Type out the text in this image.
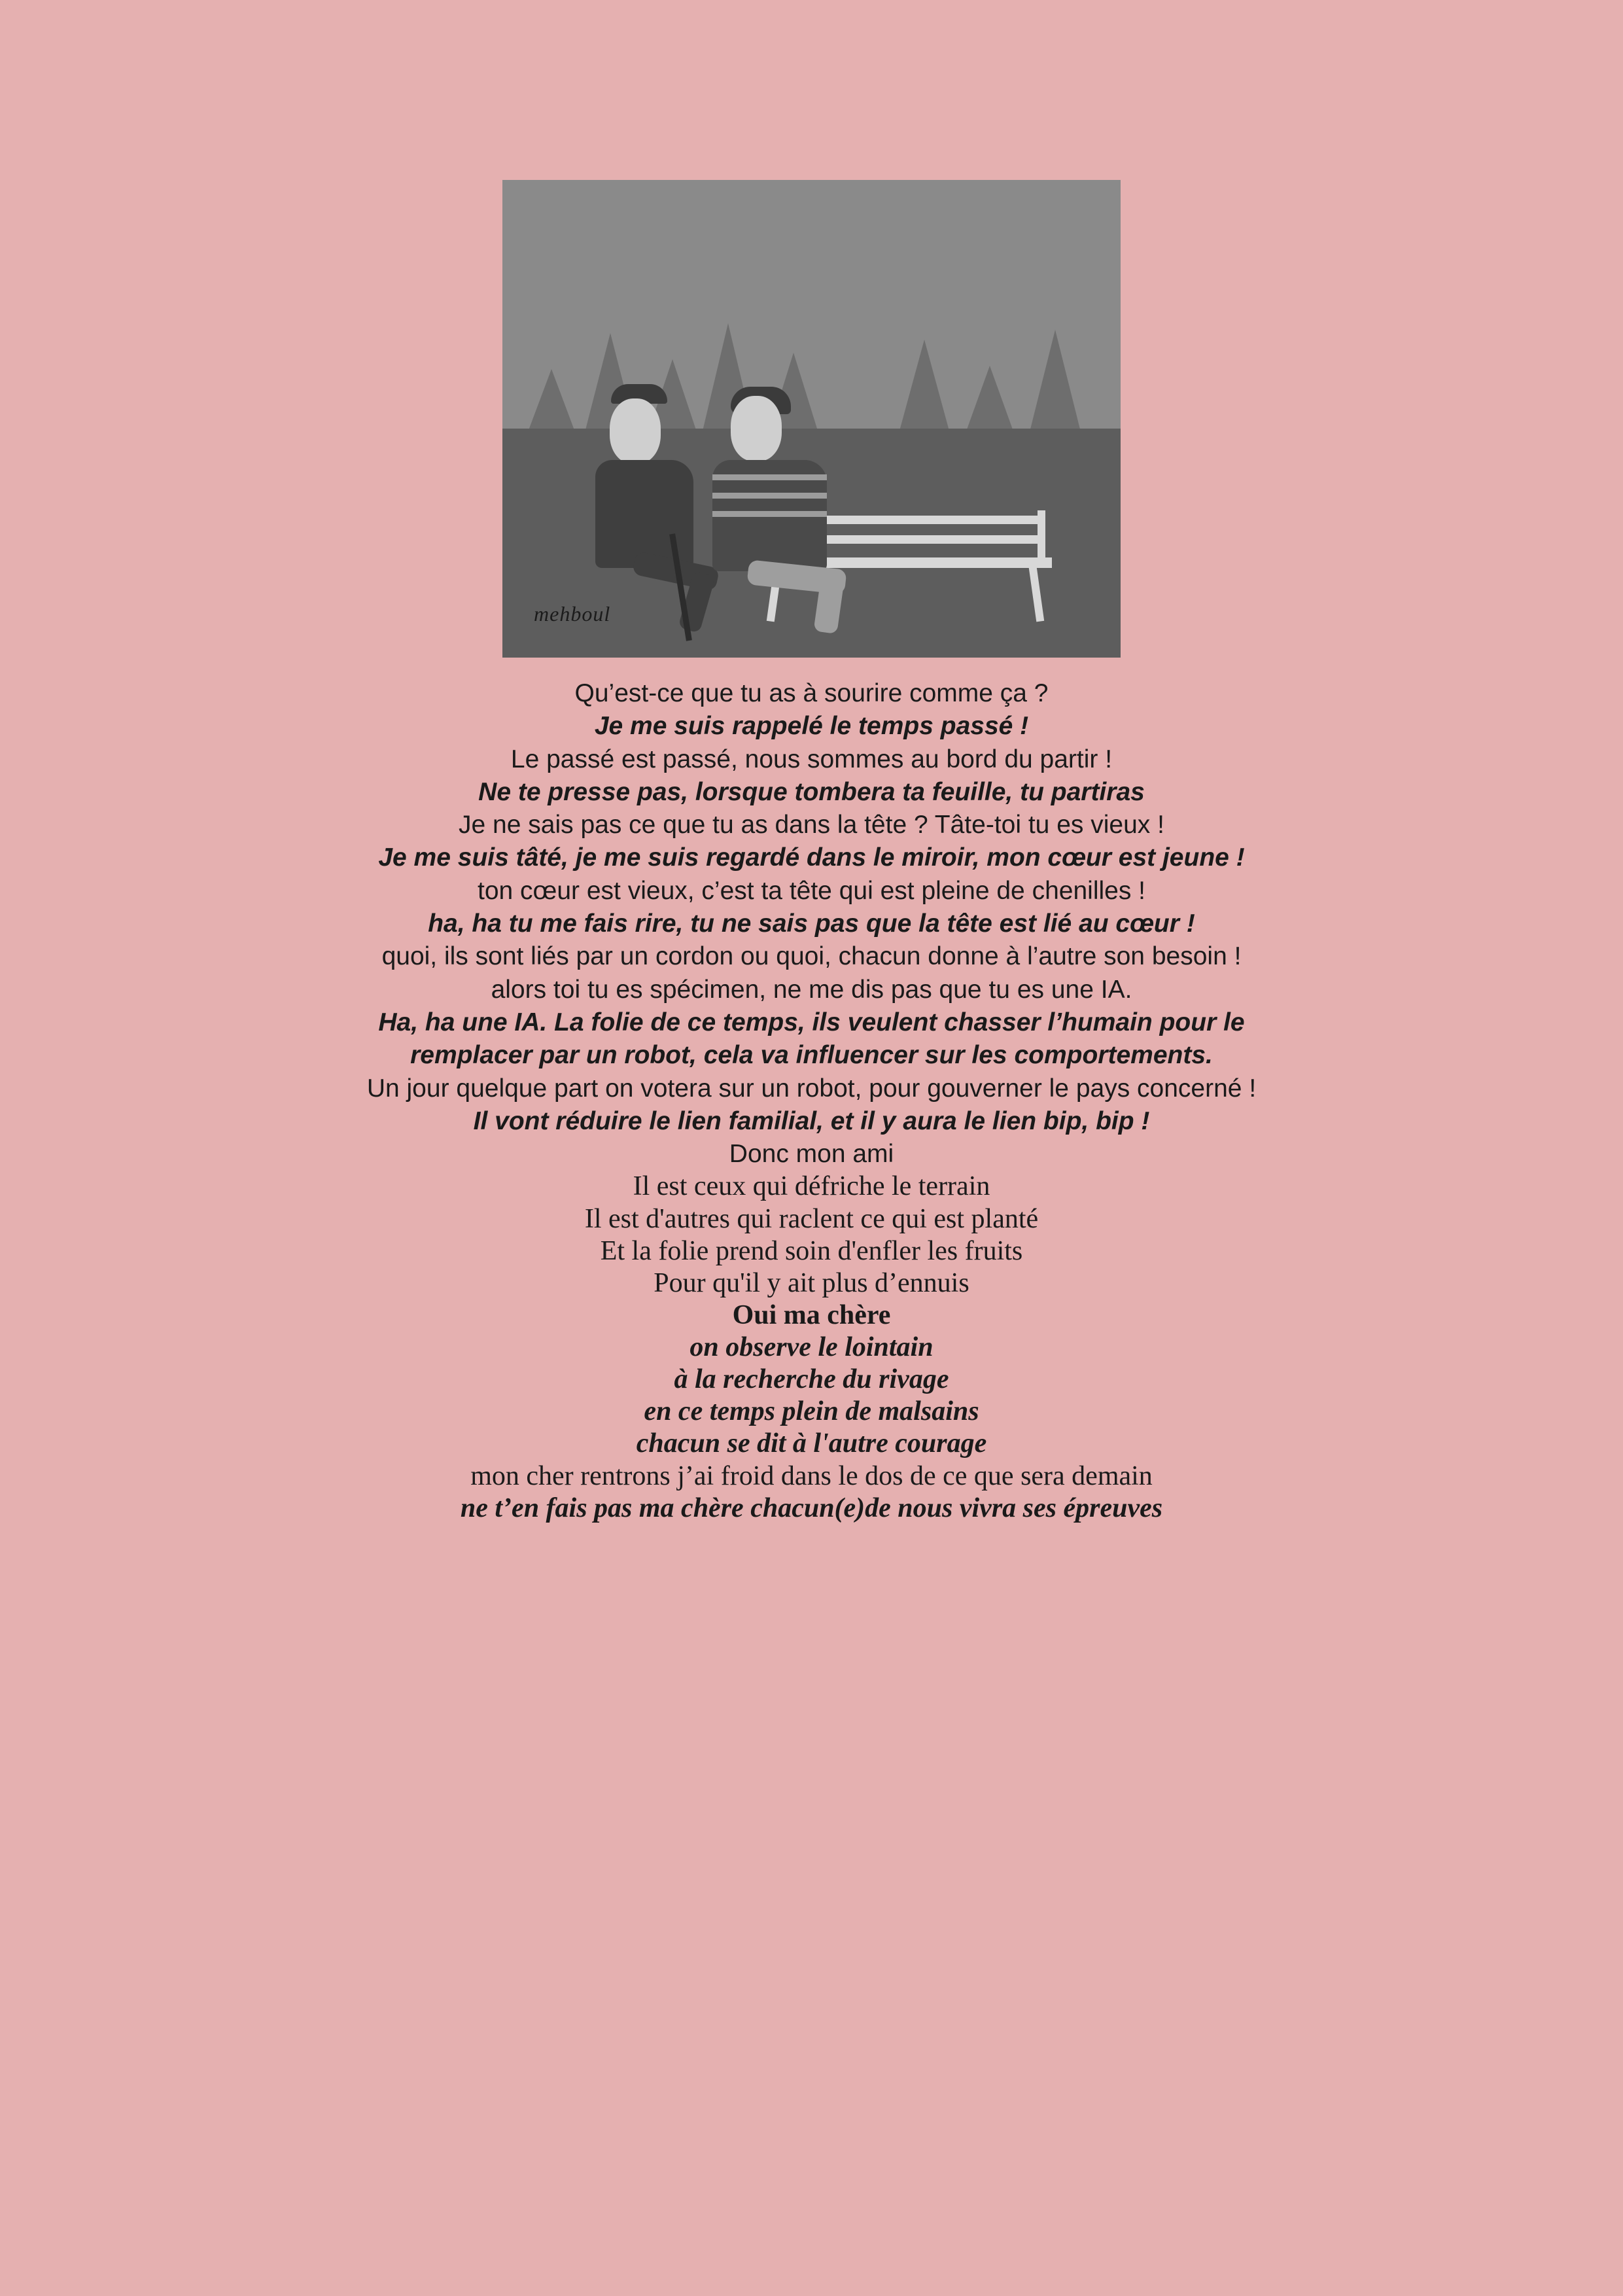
mehboul
Qu’est-ce que tu as à sourire comme ça ?
Je me suis rappelé le temps passé !
Le passé est passé, nous sommes au bord du partir !
Ne te presse pas, lorsque tombera ta feuille, tu partiras
Je ne sais pas ce que tu as dans la tête ? Tâte-toi tu es vieux !
Je me suis tâté, je me suis regardé dans le miroir, mon cœur est jeune !
ton cœur est vieux, c’est ta tête qui est pleine de chenilles !
ha, ha tu me fais rire, tu ne sais pas que la tête est lié au cœur !
quoi, ils sont liés par un cordon ou quoi, chacun donne à l’autre son besoin !
alors toi tu es spécimen, ne me dis pas que tu es une IA.
Ha, ha une IA. La folie de ce temps, ils veulent chasser l’humain pour le
remplacer par un robot, cela va influencer sur les comportements.
Un jour quelque part on votera sur un robot, pour gouverner le pays concerné !
Il vont réduire le lien familial, et il y aura le lien bip, bip !
Donc mon ami
Il est ceux qui défriche le terrain
Il est d'autres qui raclent ce qui est planté
Et la folie prend soin d'enfler les fruits
Pour qu'il y ait plus d’ennuis
Oui ma chère
on observe le lointain
à la recherche du rivage
en ce temps plein de malsains
chacun se dit à l'autre courage
mon cher rentrons j’ai froid dans le dos de ce que sera demain
ne t’en fais pas ma chère chacun(e)de nous vivra ses épreuves
